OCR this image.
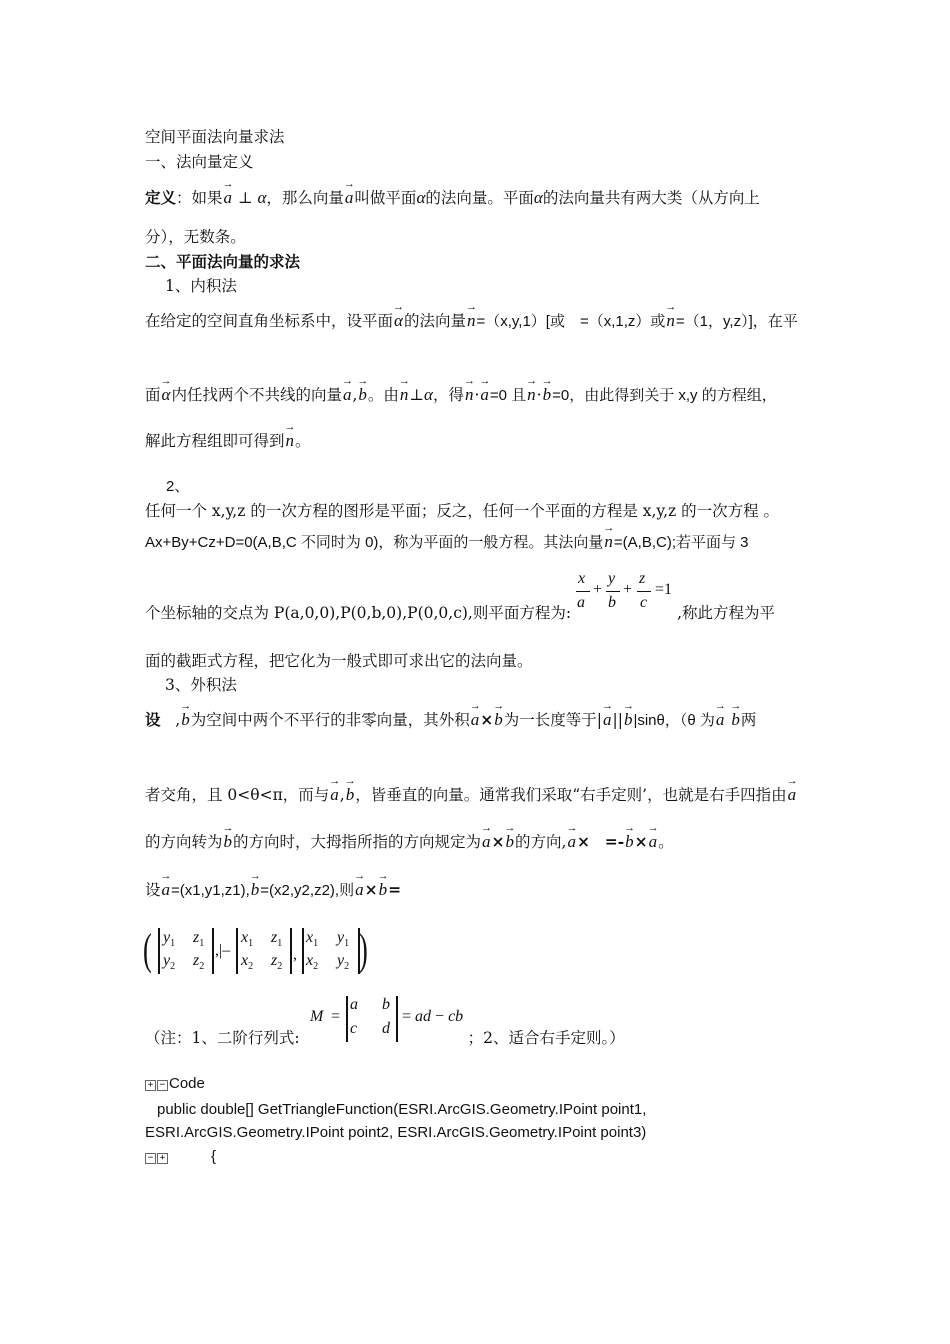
空间平面法向量求法
一、法向量定义
定义：如果→ a ⊥ α，那么向量→ a叫做平面α的法向量。平面α的法向量共有两大类（从方向上
分），无数条。
二、平面法向量的求法
1、内积法
在给定的空间直角坐标系中，设平面→ α的法向量→ n=（x,y,1）[或　=（x,1,z）或→ n=（1，y,z）]，在平
面→ α内任找两个不共线的向量→ a,→ b。由→ n⊥α，得→ n·→ a=0 且→ n·→ b=0，由此得到关于 x,y 的方程组，
解此方程组即可得到→ n。
2、
任何一个 x,y,z 的一次方程的图形是平面；反之，任何一个平面的方程是 x,y,z 的一次方程 。
Ax+By+Cz+D=0(A,B,C 不同时为 0)，称为平面的一般方程。其法向量→ n=(A,B,C);若平面与 3
x
a
+
y
b
+
z
c
=1
个坐标轴的交点为 P(a,0,0),P(0,b,0),P(0,0,c),则平面方程为:	,称此方程为平
面的截距式方程，把它化为一般式即可求出它的法向量。
3、外积法
设   ,→ b为空间中两个不平行的非零向量，其外积→ a×→ b为一长度等于|→ a||→ b|sinθ，（θ 为→ a → b两
者交角，且 0<θ<π，而与→ a,→ b，皆垂直的向量。通常我们采取“右手定则’，也就是右手四指由→ a
的方向转为→ b的方向时，大拇指所指的方向规定为→ a×→ b的方向,→ a× =-→ b×→ a。
设→ a=(x1,y1,z1),→ b=(x2,y2,z2),则→ a×→ b=
( $y_1$ $z_1$
$y_2$ $z_2$
,|–
$x_1$ $z_1$
$x_2$ $z_2$
,
$x_1$ $y_1$
$x_2$ $y_2$ )
M =
a b
c d
= ad − cb
（注：1、二阶行列式:	；2、适合右手定则。）
+ − Code
public double[] GetTriangleFunction(ESRI.ArcGIS.Geometry.IPoint point1,
ESRI.ArcGIS.Geometry.IPoint point2, ESRI.ArcGIS.Geometry.IPoint point3)
− +	{
